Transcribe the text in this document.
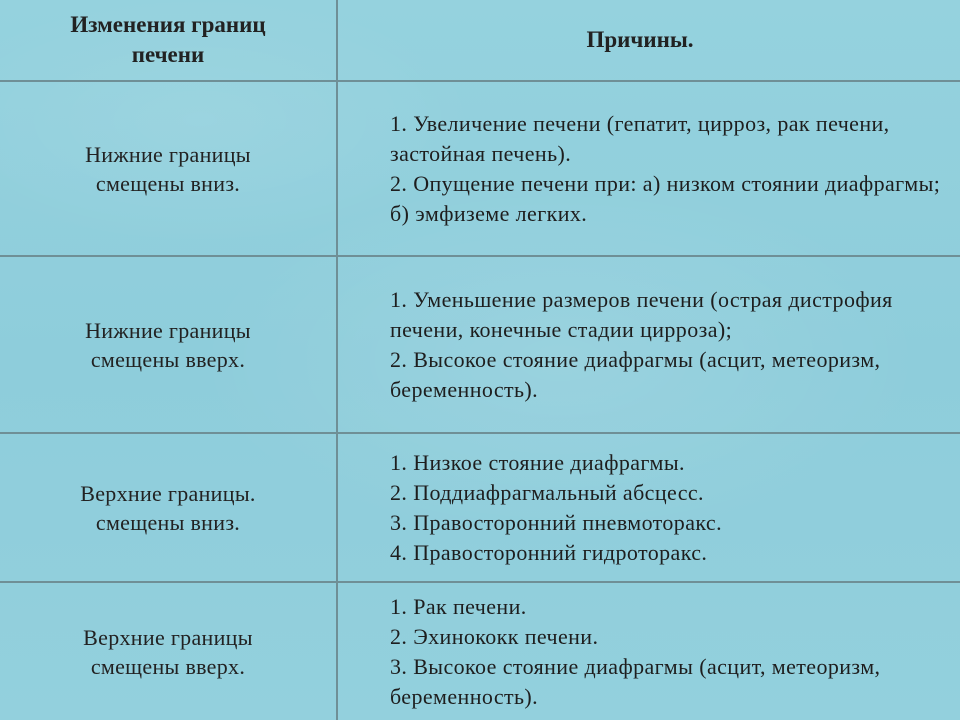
Изменения границ печени
Причины.
Нижние границы смещены вниз.

1. Увеличение печени (гепатит, цирроз, рак печени, застойная печень).

2. Опущение печени при: а) низком стоянии диафрагмы; б) эмфиземе легких.

Нижние границы смещены вверх.

1. Уменьшение размеров печени (острая дистрофия печени, конечные стадии цирроза);

2. Высокое стояние диафрагмы (асцит, метеоризм, беременность).

Верхние границы. смещены вниз.

1. Низкое стояние диафрагмы.

2. Поддиафрагмальный абсцесс.

3. Правосторонний пневмоторакс.

4. Правосторонний гидроторакс.

Верхние границы смещены вверх.

1. Рак печени.

2. Эхинококк печени.

3. Высокое стояние диафрагмы (асцит, метеоризм, беременность).
